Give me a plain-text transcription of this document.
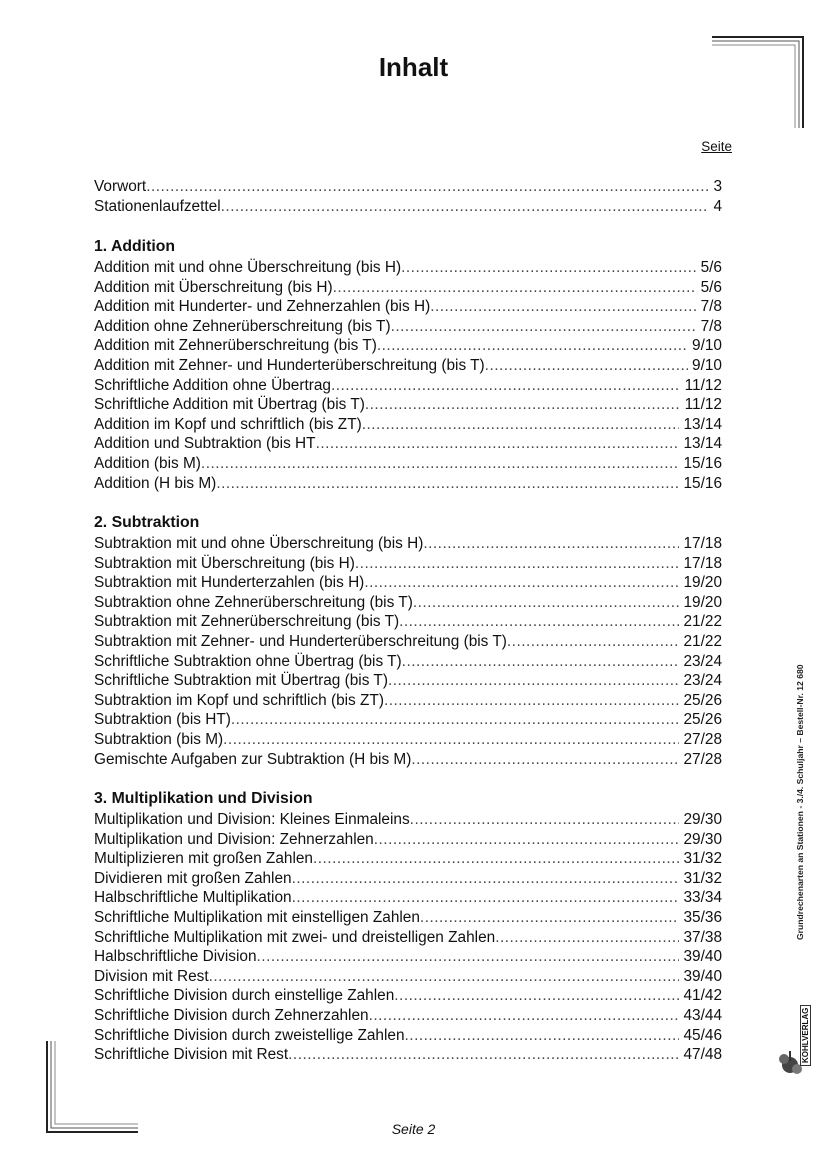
Inhalt
Seite
Vorwort .....	3
Stationenlaufzettel .....	4
1. Addition
Addition mit und ohne Überschreitung (bis H) .....	5/6
Addition mit Überschreitung (bis H) .....	5/6
Addition mit Hunderter- und Zehnerzahlen (bis H) .....	7/8
Addition ohne Zehnerüberschreitung (bis T) .....	7/8
Addition mit Zehnerüberschreitung (bis T) .....	9/10
Addition mit Zehner- und Hunderterüberschreitung (bis T) .....	9/10
Schriftliche Addition ohne Übertrag .....	11/12
Schriftliche Addition mit Übertrag (bis T) .....	11/12
Addition im Kopf und schriftlich (bis ZT) .....	13/14
Addition und Subtraktion (bis HT .....	13/14
Addition (bis M) .....	15/16
Addition (H bis M) .....	15/16
2. Subtraktion
Subtraktion mit und ohne Überschreitung (bis H) .....	17/18
Subtraktion mit Überschreitung (bis H) .....	17/18
Subtraktion mit Hunderterzahlen (bis H) .....	19/20
Subtraktion ohne Zehnerüberschreitung (bis T) .....	19/20
Subtraktion mit Zehnerüberschreitung (bis T) .....	21/22
Subtraktion mit Zehner- und Hunderterüberschreitung (bis T) .....	21/22
Schriftliche Subtraktion ohne Übertrag (bis T) .....	23/24
Schriftliche Subtraktion mit Übertrag (bis T) .....	23/24
Subtraktion im Kopf und schriftlich (bis ZT) .....	25/26
Subtraktion (bis HT) .....	25/26
Subtraktion (bis M) .....	27/28
Gemischte Aufgaben zur Subtraktion (H bis M) .....	27/28
3. Multiplikation und Division
Multiplikation und Division: Kleines Einmaleins .....	29/30
Multiplikation und Division: Zehnerzahlen .....	29/30
Multiplizieren mit großen Zahlen .....	31/32
Dividieren mit großen Zahlen .....	31/32
Halbschriftliche Multiplikation .....	33/34
Schriftliche Multiplikation mit einstelligen Zahlen .....	35/36
Schriftliche Multiplikation mit zwei- und dreistelligen Zahlen .....	37/38
Halbschriftliche Division .....	39/40
Division mit Rest .....	39/40
Schriftliche Division durch einstellige Zahlen .....	41/42
Schriftliche Division durch Zehnerzahlen .....	43/44
Schriftliche Division durch zweistellige Zahlen .....	45/46
Schriftliche Division mit Rest .....	47/48
Grundrechenarten an Stationen - 3./4. Schuljahr – Bestell-Nr. 12 680
KOHLVERLAG
Seite 2
